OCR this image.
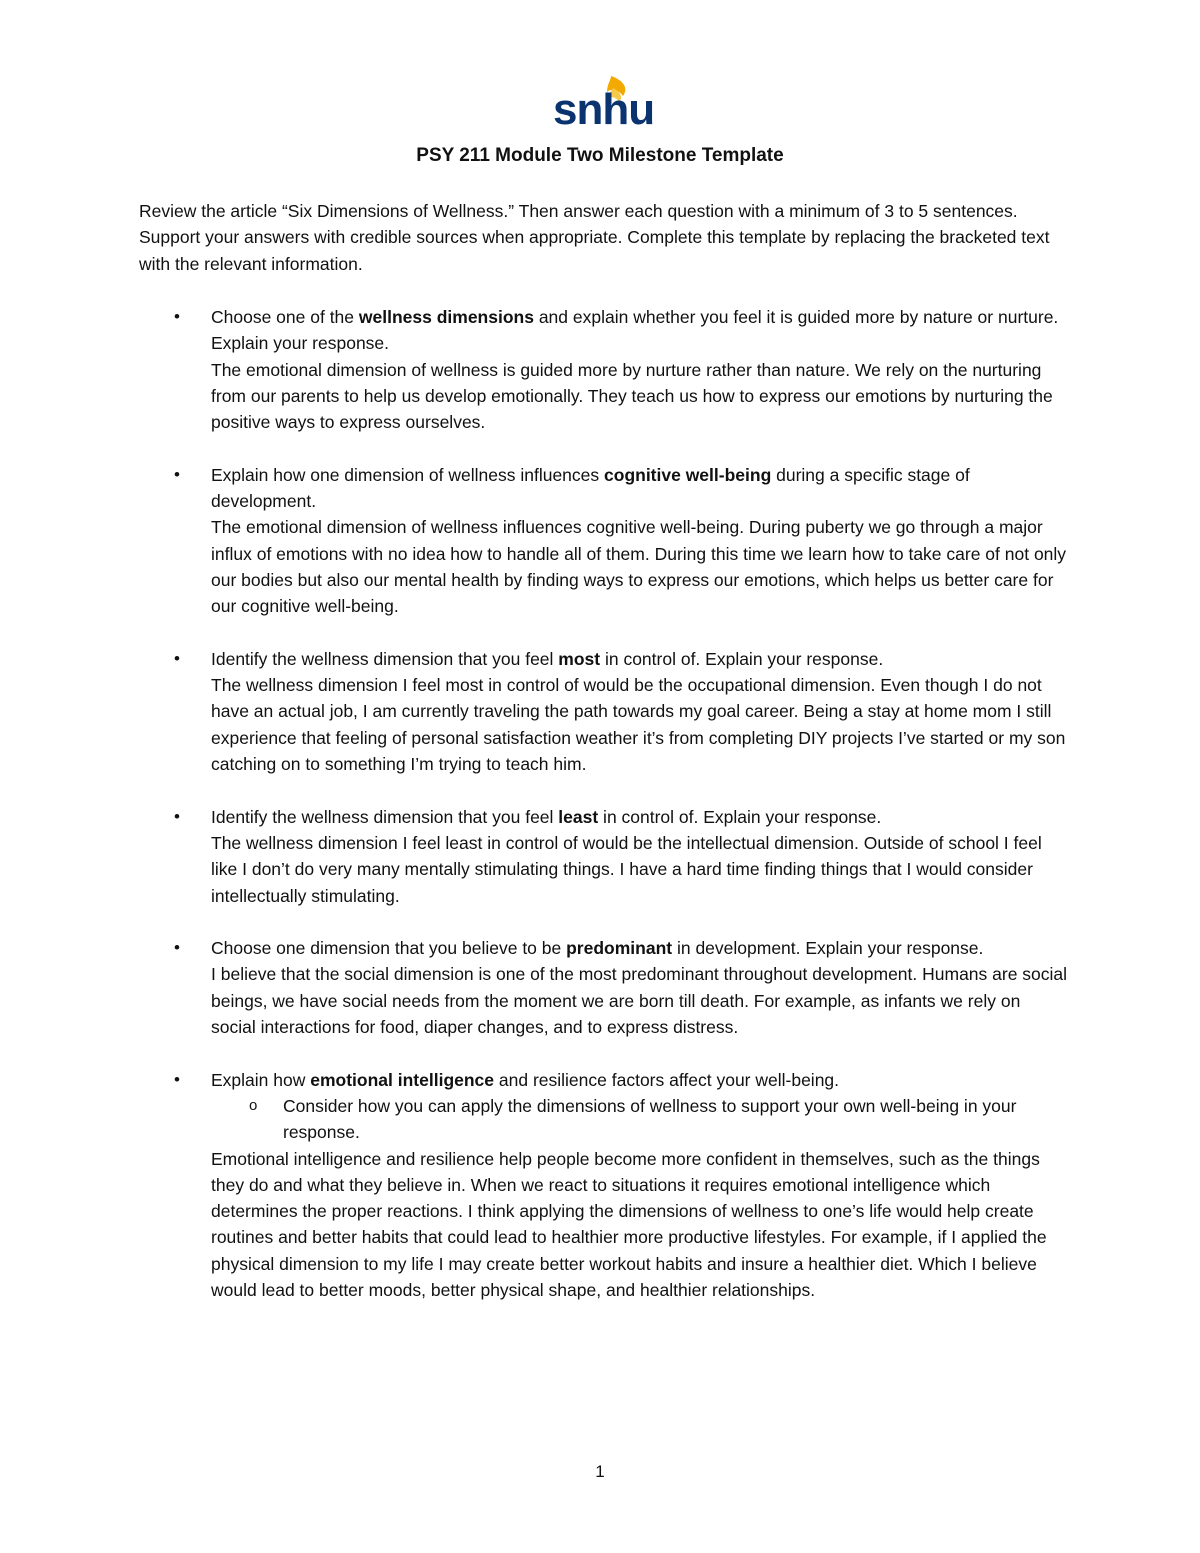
snhu
PSY 211 Module Two Milestone Template
Review the article “Six Dimensions of Wellness.” Then answer each question with a minimum of 3 to 5 sentences. Support your answers with credible sources when appropriate. Complete this template by replacing the bracketed text with the relevant information.
• Choose one of the wellness dimensions and explain whether you feel it is guided more by nature or nurture. Explain your response.
The emotional dimension of wellness is guided more by nurture rather than nature. We rely on the nurturing from our parents to help us develop emotionally. They teach us how to express our emotions by nurturing the positive ways to express ourselves.
• Explain how one dimension of wellness influences cognitive well-being during a specific stage of development.
The emotional dimension of wellness influences cognitive well-being. During puberty we go through a major influx of emotions with no idea how to handle all of them. During this time we learn how to take care of not only our bodies but also our mental health by finding ways to express our emotions, which helps us better care for our cognitive well-being.
• Identify the wellness dimension that you feel most in control of. Explain your response.
The wellness dimension I feel most in control of would be the occupational dimension. Even though I do not have an actual job, I am currently traveling the path towards my goal career. Being a stay at home mom I still experience that feeling of personal satisfaction weather it’s from completing DIY projects I’ve started or my son catching on to something I’m trying to teach him.
• Identify the wellness dimension that you feel least in control of. Explain your response.
The wellness dimension I feel least in control of would be the intellectual dimension. Outside of school I feel like I don’t do very many mentally stimulating things. I have a hard time finding things that I would consider intellectually stimulating.
• Choose one dimension that you believe to be predominant in development. Explain your response.
I believe that the social dimension is one of the most predominant throughout development. Humans are social beings, we have social needs from the moment we are born till death. For example, as infants we rely on social interactions for food, diaper changes, and to express distress.
• Explain how emotional intelligence and resilience factors affect your well-being.
o Consider how you can apply the dimensions of wellness to support your own well-being in your response.
Emotional intelligence and resilience help people become more confident in themselves, such as the things they do and what they believe in. When we react to situations it requires emotional intelligence which determines the proper reactions. I think applying the dimensions of wellness to one’s life would help create routines and better habits that could lead to healthier more productive lifestyles. For example, if I applied the physical dimension to my life I may create better workout habits and insure a healthier diet. Which I believe would lead to better moods, better physical shape, and healthier relationships.
1
